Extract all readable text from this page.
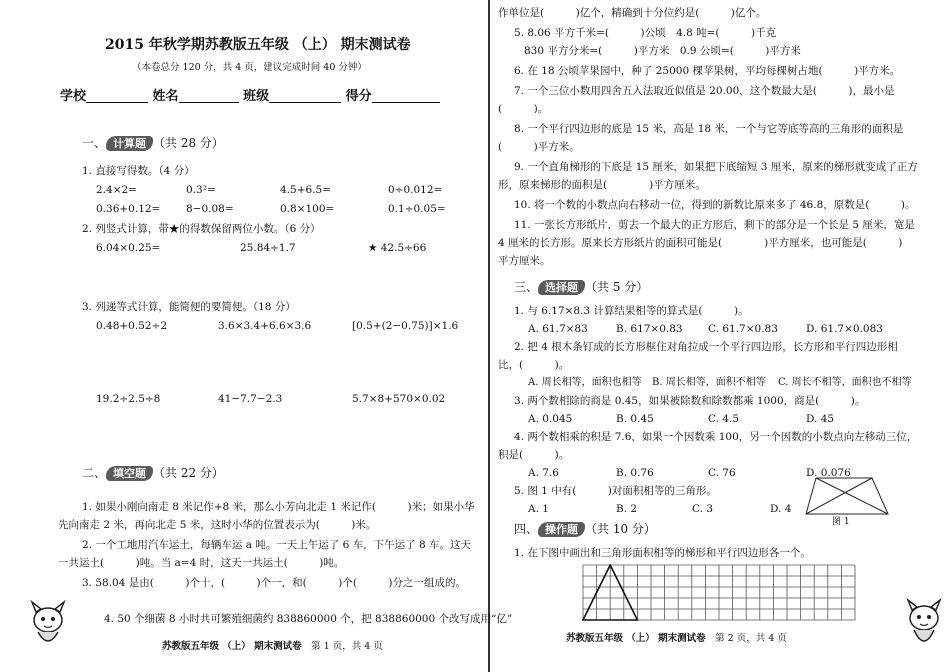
2015 年秋学期苏教版五年级 （上） 期末测试卷
（本卷总分 120 分，共 4 页，建议完成时间 40 分钟）
学校	姓名	班级	得分
一、 计算题 （共 28 分）
1. 直接写得数。（4 分）
2.4×2=	0.3²=	4.5+6.5=	0÷0.012=
0.36+0.12= 8−0.08=	0.8×100=	0.1÷0.05=
2. 列竖式计算，带★的得数保留两位小数。（6 分）
6.04×0.25=	25.84÷1.7	★ 42.5÷66
3. 列递等式计算，能简便的要简便。（18 分）
0.48+0.52÷2	3.6×3.4+6.6×3.6	[0.5+(2−0.75)]×1.6
19.2÷2.5÷8	41−7.7−2.3	5.7×8+570×0.02
二、 填空题 （共 22 分）
1. 如果小刚向南走 8 米记作+8 米，那么小芳向北走 1 米记作(　　　)米；如果小华
先向南走 2 米，再向北走 5 米，这时小华的位置表示为(　　　)米。
2. 一个工地用汽车运土，每辆车运 a 吨。一天上午运了 6 车，下午运了 8 车。这天
一共运土(　　　)吨。当 a=4 时，这天一共运土(　　　)吨。
3. 58.04 是由(　　　)个十，(　　　)个一，和(　　　)个(　　　)分之一组成的。
4. 50 个细菌 8 小时共可繁殖细菌约 838860000 个，把 838860000 个改写成用“亿”
苏教版五年级 （上） 期末测试卷　 第 1 页，共 4 页
作单位是(　　　)亿个，精确到十分位约是(　　　)亿个。
5. 8.06 平方千米=(　　　)公顷　4.8 吨=(　　　)千克
830 平方分米=(　　　)平方米　0.9 公顷=(　　　)平方米
6. 在 18 公顷苹果园中，种了 25000 棵苹果树，平均每棵树占地(　　　)平方米。
7. 一个三位小数用四舍五入法取近似值是 20.00，这个数最大是(　　　)，最小是
(　　　)。
8. 一个平行四边形的底是 15 米，高是 18 米，一个与它等底等高的三角形的面积是
(　　　)平方米。
9. 一个直角梯形的下底是 15 厘米，如果把下底缩短 3 厘米，原来的梯形就变成了正方
形，原来梯形的面积是(　　　　)平方厘米。
10. 将一个数的小数点向右移动一位，得到的新数比原来多了 46.8，原数是(　　　)。
11. 一张长方形纸片，剪去一个最大的正方形后，剩下的部分是一个长是 5 厘米，宽是
4 厘米的长方形。原来长方形纸片的面积可能是(　　　　)平方厘米，也可能是(　　　)
平方厘米。
三、 选择题 （共 5 分）
1. 与 6.17×8.3 计算结果相等的算式是(　　　)。
A. 61.7×83	B. 617×0.83 C. 61.7×0.83	D. 61.7×0.083
2. 把 4 根木条钉成的长方形框住对角拉成一个平行四边形，长方形和平行四边形相
比，(　　　)。
A. 周长相等，面积也相等 B. 周长相等，面积不相等 C. 周长不相等，面积也不相等
3. 两个数相除的商是 0.45，如果被除数和除数都乘 1000，商是(　　　)。
A. 0.045	B. 0.45	C. 4.5	D. 45
4. 两个数相乘的积是 7.6，如果一个因数乘 100，另一个因数的小数点向左移动三位，
积是(　　　)。
A. 7.6	B. 0.76	C. 76	D. 0.076
5. 图 1 中有(　　　)对面积相等的三角形。
A. 1	B. 2	C. 3	D. 4
图 1
四、 操作题 （共 10 分）
1. 在下图中画出和三角形面积相等的梯形和平行四边形各一个。
苏教版五年级 （上） 期末测试卷　 第 2 页，共 4 页
